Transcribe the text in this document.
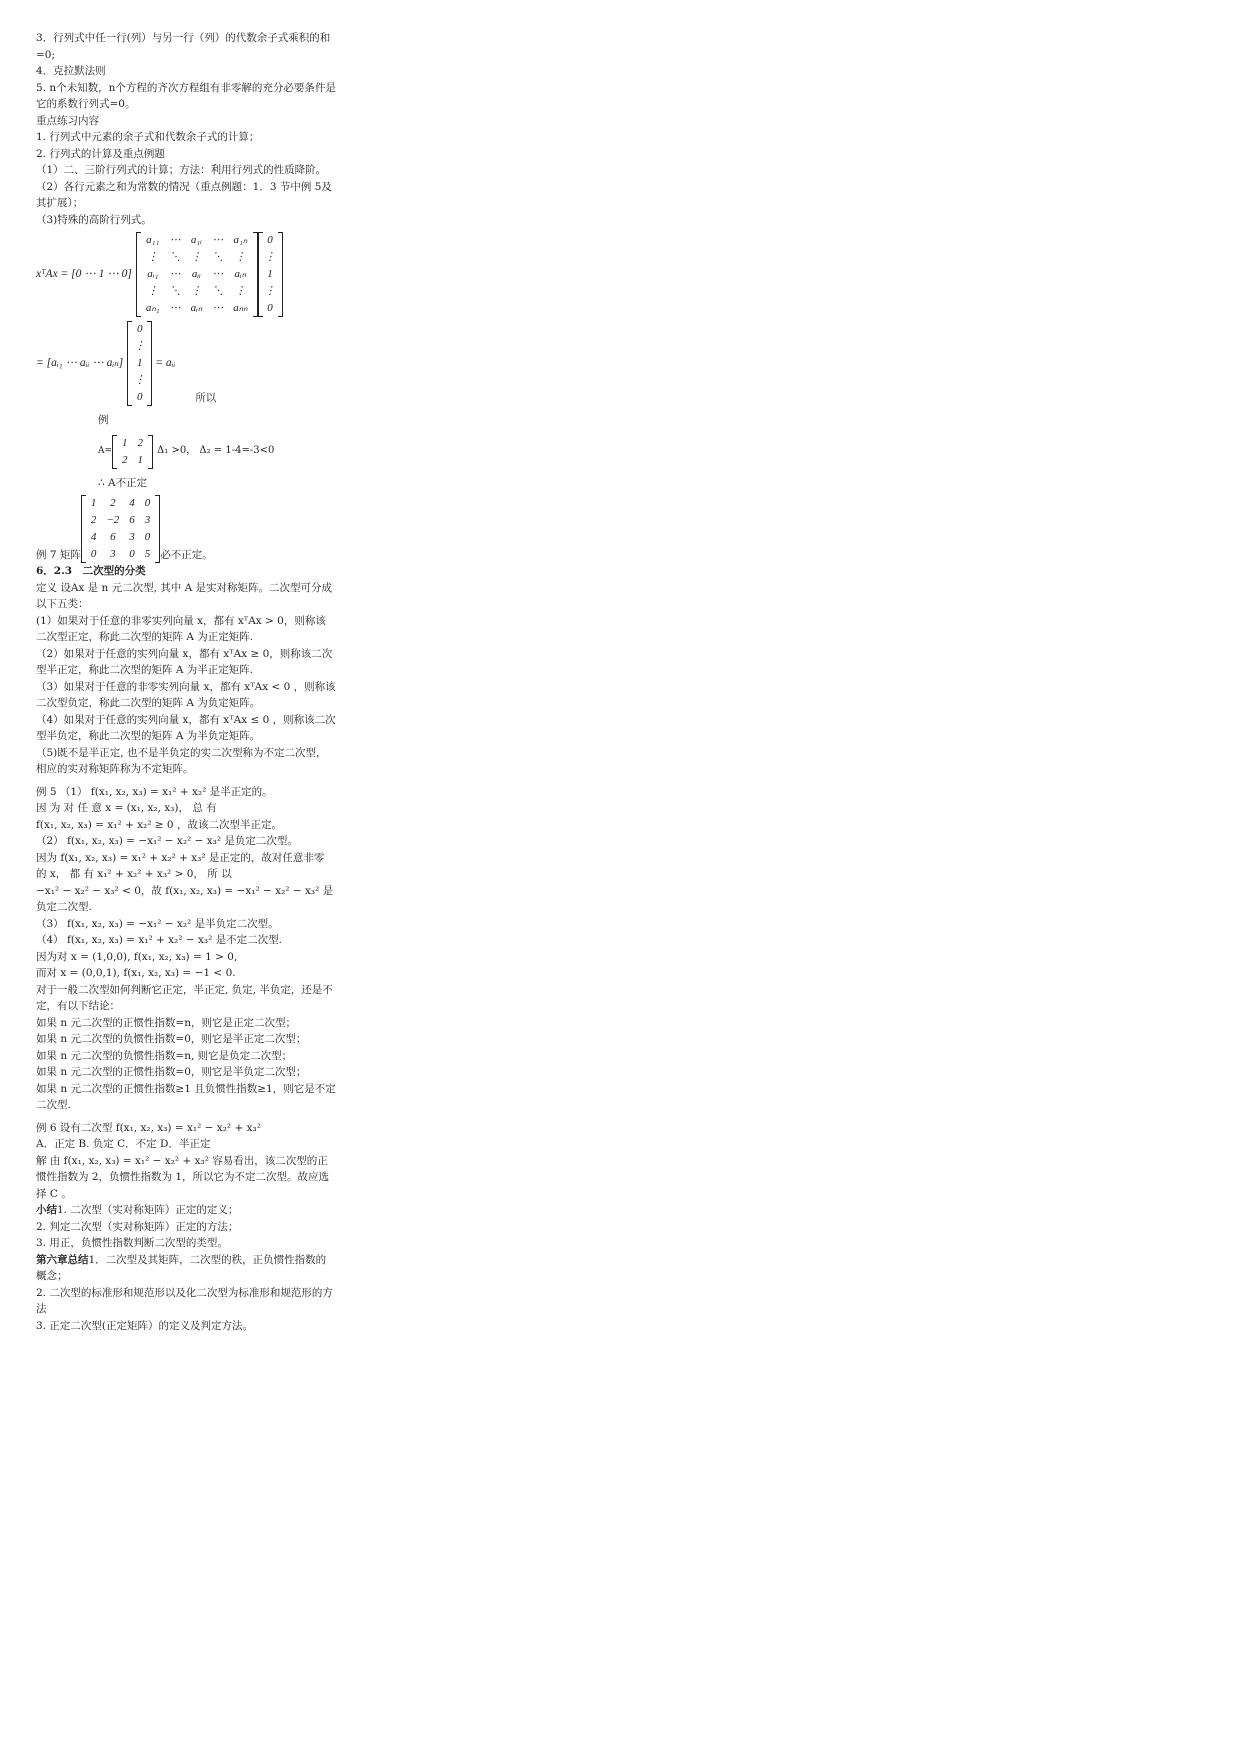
3．行列式中任一行(列）与另一行（列）的代数余子式乘积的和=0;
4．克拉默法则
5. n个未知数，n个方程的齐次方程组有非零解的充分必要条件是它的系数行列式=0。
重点练习内容
1. 行列式中元素的余子式和代数余子式的计算；
2. 行列式的计算及重点例题
（1）二、三阶行列式的计算；方法：利用行列式的性质降阶。
（2）各行元素之和为常数的情况（重点例题：1．3 节中例 5及其扩展）；
（3)特殊的高阶行列式。
xᵀAx = [0 ⋯ 1 ⋯ 0]
a₁₁	⋯	a₁ᵢ	⋯	a₁ₙ
⋮	⋱	⋮	⋱	⋮
aᵢ₁	⋯	aᵢᵢ	⋯	aᵢₙ
⋮	⋱	⋮	⋱	⋮
aₙ₁	⋯	aᵢₙ	⋯	aₙₙ
0
⋮
1
⋮
0
= [aᵢ₁ ⋯ aᵢᵢ ⋯ aᵢₙ]
0
⋮
1
⋮
0
= aᵢᵢ
所以
例
A=
1	2
2	1
Δ₁ >0， Δ₂ = 1-4=-3<0
∴ A不正定
例 7 矩阵
1	2	4	0
2	−2	6	3
4	6	3	0
0	3	0	5 必不正定。
6．2.3　二次型的分类
定义 设Ax 是 n 元二次型, 其中 A 是实对称矩阵。二次型可分成以下五类：
(1）如果对于任意的非零实列向量 x，都有 xᵀAx > 0，则称该二次型正定，称此二次型的矩阵 A 为正定矩阵.
（2）如果对于任意的实列向量 x，都有 xᵀAx ≥ 0，则称该二次型半正定，称此二次型的矩阵 A 为半正定矩阵.
（3）如果对于任意的非零实列向量 x，都有 xᵀAx < 0 ，则称该二次型负定，称此二次型的矩阵 A 为负定矩阵。
（4）如果对于任意的实列向量 x，都有 xᵀAx ≤ 0 ，则称该二次型半负定，称此二次型的矩阵 A 为半负定矩阵。
（5)既不是半正定, 也不是半负定的实二次型称为不定二次型，相应的实对称矩阵称为不定矩阵。
例 5 （1） f(x₁, x₂, x₃) = x₁² + x₂² 是半正定的。
因 为 对 任 意 x = (x₁, x₂, x₃)， 总 有
f(x₁, x₂, x₃) = x₁² + x₂² ≥ 0 ，故该二次型半正定。
（2） f(x₁, x₂, x₃) = −x₁² − x₂² − x₃² 是负定二次型。
因为 f(x₁, x₂, x₃) = x₁² + x₂² + x₃² 是正定的，故对任意非零
的 x， 都 有 x₁² + x₂² + x₃² > 0， 所 以
−x₁² − x₂² − x₃² < 0，故 f(x₁, x₂, x₃) = −x₁² − x₂² − x₃² 是 负定二次型.
（3） f(x₁, x₂, x₃) = −x₁² − x₂² 是半负定二次型。
（4） f(x₁, x₂, x₃) = x₁² + x₂² − x₃² 是不定二次型.
因为对 x = (1,0,0), f(x₁, x₂, x₃) = 1 > 0,
而对 x = (0,0,1), f(x₁, x₂, x₃) = −1 < 0.
对于一般二次型如何判断它正定，半正定, 负定, 半负定，还是不定，有以下结论：
如果 n 元二次型的正惯性指数=n，则它是正定二次型；
如果 n 元二次型的负惯性指数=0，则它是半正定二次型；
如果 n 元二次型的负惯性指数=n, 则它是负定二次型；
如果 n 元二次型的正惯性指数=0，则它是半负定二次型；
如果 n 元二次型的正惯性指数≥1 且负惯性指数≥1，则它是不定二次型.
例 6 设有二次型 f(x₁, x₂, x₃) = x₁² − x₂² + x₃²
A．正定 B. 负定 C．不定 D．半正定
解 由 f(x₁, x₂, x₃) = x₁² − x₂² + x₃² 容易看出，该二次型的正惯性指数为 2，负惯性指数为 1，所以它为不定二次型。故应选择 C 。
小结1. 二次型（实对称矩阵）正定的定义；
2. 判定二次型（实对称矩阵）正定的方法；
3. 用正，负惯性指数判断二次型的类型。
第六章总结1．二次型及其矩阵，二次型的秩，正负惯性指数的概念；
2. 二次型的标准形和规范形以及化二次型为标准形和规范形的方法
3. 正定二次型(正定矩阵）的定义及判定方法。
